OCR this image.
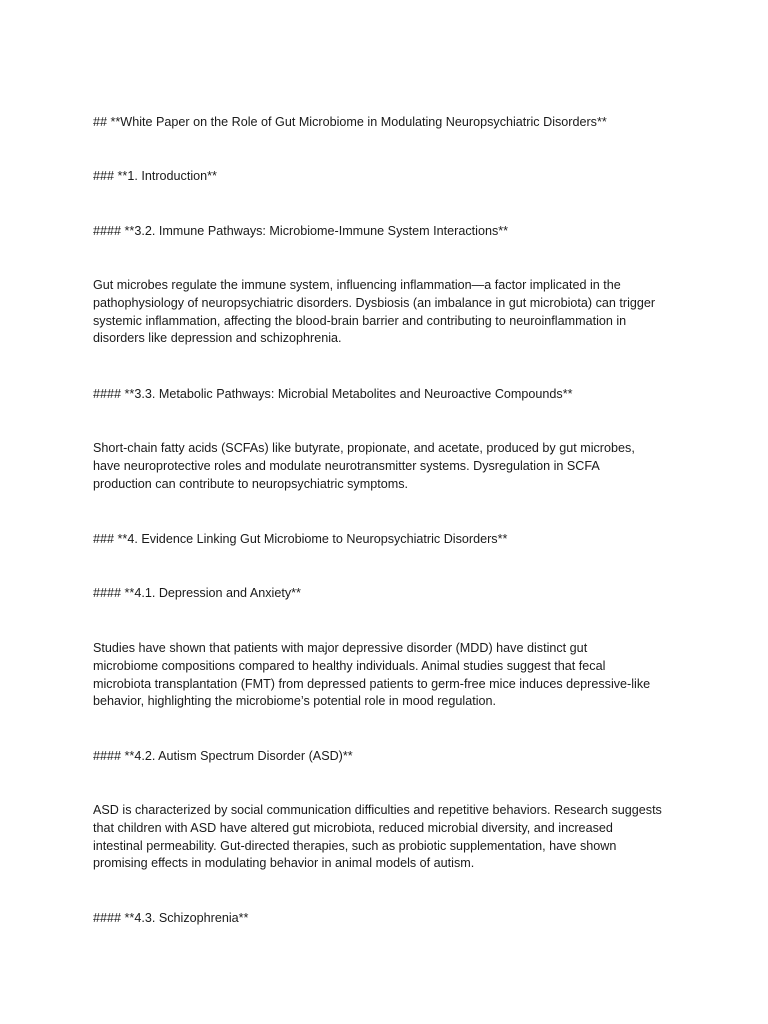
## **White Paper on the Role of Gut Microbiome in Modulating Neuropsychiatric Disorders**

### **1. Introduction**

#### **3.2. Immune Pathways: Microbiome-Immune System Interactions**

Gut microbes regulate the immune system, influencing inflammation—a factor implicated in the
pathophysiology of neuropsychiatric disorders. Dysbiosis (an imbalance in gut microbiota) can trigger
systemic inflammation, affecting the blood-brain barrier and contributing to neuroinflammation in
disorders like depression and schizophrenia.

#### **3.3. Metabolic Pathways: Microbial Metabolites and Neuroactive Compounds**

Short-chain fatty acids (SCFAs) like butyrate, propionate, and acetate, produced by gut microbes,
have neuroprotective roles and modulate neurotransmitter systems. Dysregulation in SCFA
production can contribute to neuropsychiatric symptoms.

### **4. Evidence Linking Gut Microbiome to Neuropsychiatric Disorders**

#### **4.1. Depression and Anxiety**

Studies have shown that patients with major depressive disorder (MDD) have distinct gut
microbiome compositions compared to healthy individuals. Animal studies suggest that fecal
microbiota transplantation (FMT) from depressed patients to germ-free mice induces depressive-like
behavior, highlighting the microbiome’s potential role in mood regulation.

#### **4.2. Autism Spectrum Disorder (ASD)**

ASD is characterized by social communication difficulties and repetitive behaviors. Research suggests
that children with ASD have altered gut microbiota, reduced microbial diversity, and increased
intestinal permeability. Gut-directed therapies, such as probiotic supplementation, have shown
promising effects in modulating behavior in animal models of autism.

#### **4.3. Schizophrenia**
